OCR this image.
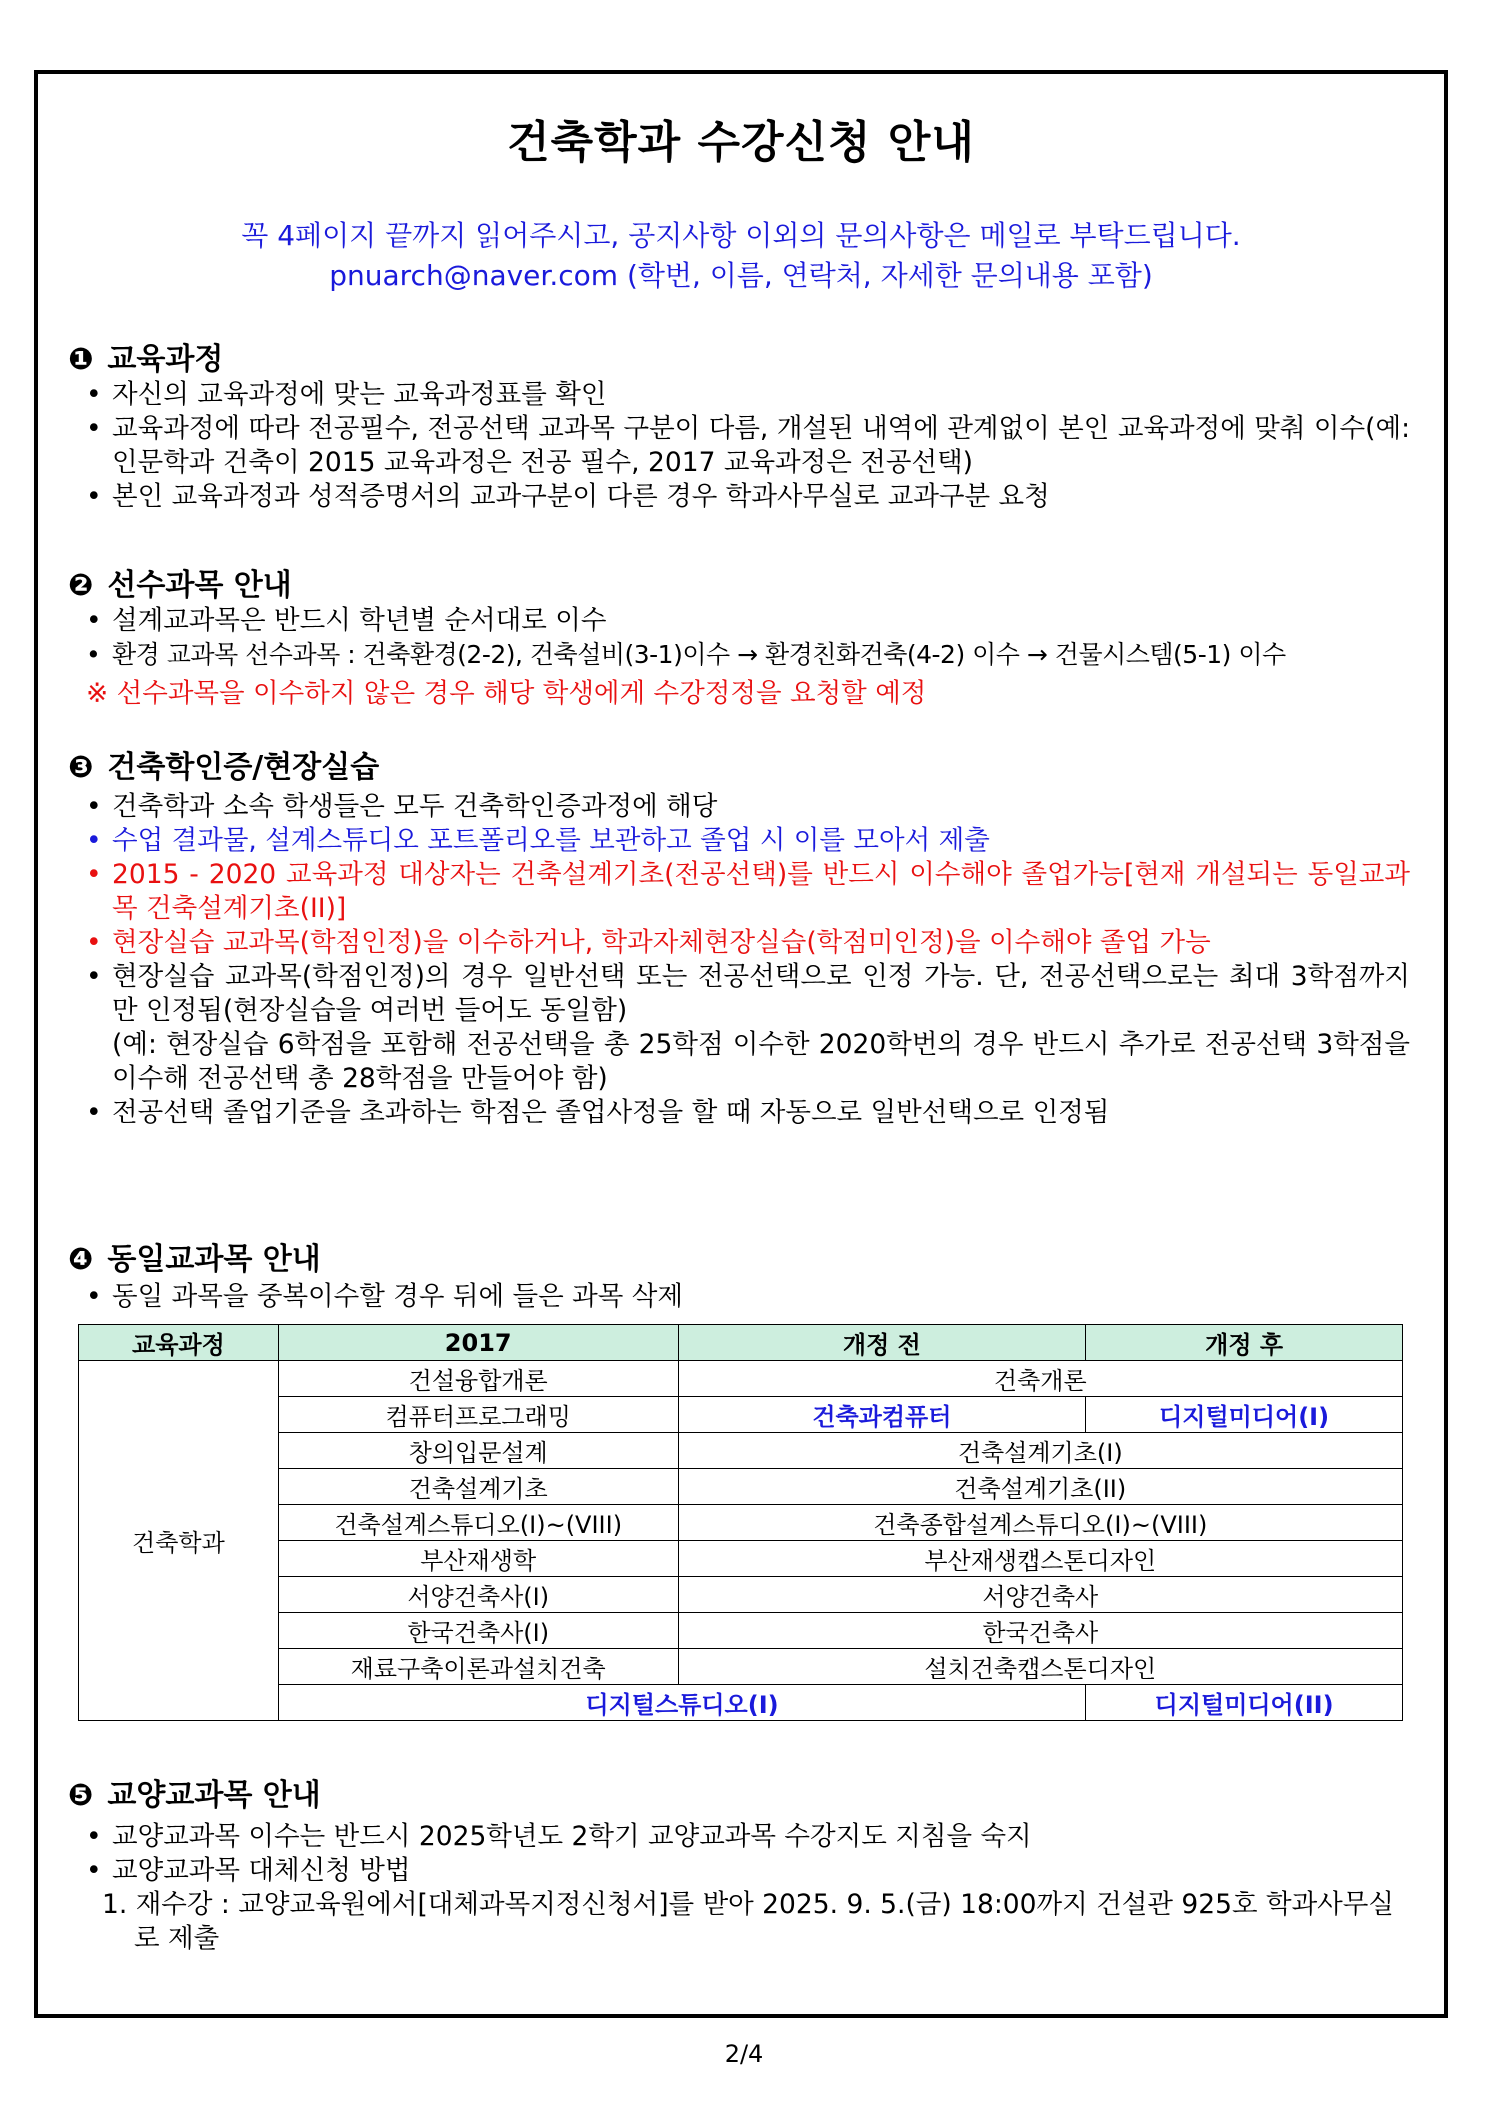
건축학과 수강신청 안내
꼭 4페이지 끝까지 읽어주시고, 공지사항 이외의 문의사항은 메일로 부탁드립니다.
pnuarch@naver.com (학번, 이름, 연락처, 자세한 문의내용 포함)
❶ 교육과정
• 자신의 교육과정에 맞는 교육과정표를 확인
• 교육과정에 따라 전공필수, 전공선택 교과목 구분이 다름, 개설된 내역에 관계없이 본인 교육과정에 맞춰 이수(예: 인문학과 건축이 2015 교육과정은 전공 필수, 2017 교육과정은 전공선택)
• 본인 교육과정과 성적증명서의 교과구분이 다른 경우 학과사무실로 교과구분 요청
❷ 선수과목 안내
• 설계교과목은 반드시 학년별 순서대로 이수
• 환경 교과목 선수과목 : 건축환경(2-2), 건축설비(3-1)이수 → 환경친화건축(4-2) 이수 → 건물시스템(5-1) 이수
※ 선수과목을 이수하지 않은 경우 해당 학생에게 수강정정을 요청할 예정
❸ 건축학인증/현장실습
• 건축학과 소속 학생들은 모두 건축학인증과정에 해당
• 수업 결과물, 설계스튜디오 포트폴리오를 보관하고 졸업 시 이를 모아서 제출
• 2015 - 2020 교육과정 대상자는 건축설계기초(전공선택)를 반드시 이수해야 졸업가능[현재 개설되는 동일교과목 건축설계기초(II)]
• 현장실습 교과목(학점인정)을 이수하거나, 학과자체현장실습(학점미인정)을 이수해야 졸업 가능
• 현장실습 교과목(학점인정)의 경우 일반선택 또는 전공선택으로 인정 가능. 단, 전공선택으로는 최대 3학점까지만 인정됨(현장실습을 여러번 들어도 동일함)
(예: 현장실습 6학점을 포함해 전공선택을 총 25학점 이수한 2020학번의 경우 반드시 추가로 전공선택 3학점을 이수해 전공선택 총 28학점을 만들어야 함)
• 전공선택 졸업기준을 초과하는 학점은 졸업사정을 할 때 자동으로 일반선택으로 인정됨
❹ 동일교과목 안내
• 동일 과목을 중복이수할 경우 뒤에 들은 과목 삭제
교육과정	2017	개정 전	개정 후
건축학과	건설융합개론	건축개론	
	컴퓨터프로그래밍	건축과컴퓨터	디지털미디어(I)
	창의입문설계	건축설계기초(I)	
	건축설계기초	건축설계기초(II)	
	건축설계스튜디오(I)~(VIII)	건축종합설계스튜디오(I)~(VIII)	
	부산재생학	부산재생캡스톤디자인	
	서양건축사(I)	서양건축사	
	한국건축사(I)	한국건축사	
	재료구축이론과설치건축	설치건축캡스톤디자인	
	디지털스튜디오(I)		디지털미디어(II)
❺ 교양교과목 안내
• 교양교과목 이수는 반드시 2025학년도 2학기 교양교과목 수강지도 지침을 숙지
• 교양교과목 대체신청 방법
1. 재수강 : 교양교육원에서[대체과목지정신청서]를 받아 2025. 9. 5.(금) 18:00까지 건설관 925호 학과사무실로 제출
2/4
